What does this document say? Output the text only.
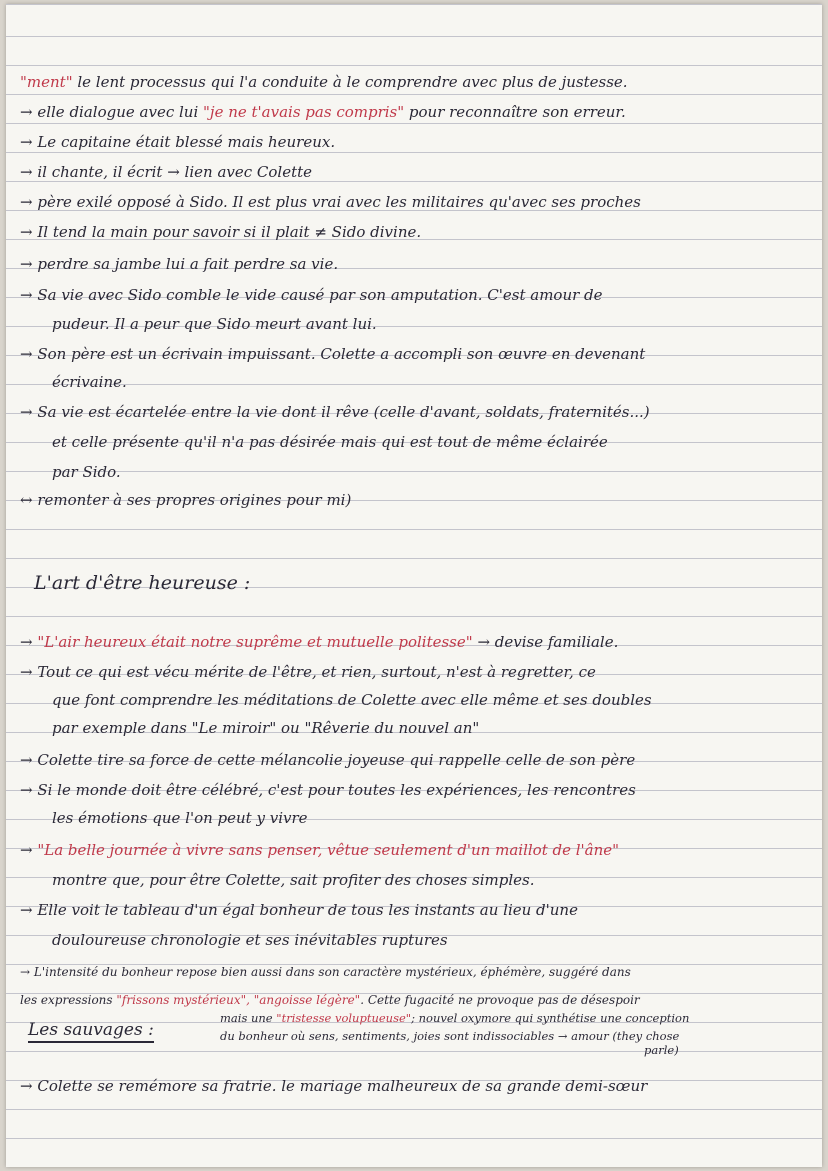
"ment" le lent processus qui l'a conduite à le comprendre avec plus de justesse.
→ elle dialogue avec lui "je ne t'avais pas compris" pour reconnaître son erreur.
→ Le capitaine était blessé mais heureux.
→ il chante, il écrit → lien avec Colette
→ père exilé opposé à Sido. Il est plus vrai avec les militaires qu'avec ses proches
→ Il tend la main pour savoir si il plait ≠ Sido divine.
→ perdre sa jambe lui a fait perdre sa vie.
→ Sa vie avec Sido comble le vide causé par son amputation. C'est amour de
pudeur. Il a peur que Sido meurt avant lui.
→ Son père est un écrivain impuissant. Colette a accompli son œuvre en devenant
écrivaine.
→ Sa vie est écartelée entre la vie dont il rêve (celle d'avant, soldats, fraternités...)
et celle présente qu'il n'a pas désirée mais qui est tout de même éclairée
par Sido.
↔ remonter à ses propres origines pour mi)
L'art d'être heureuse :
→ "L'air heureux était notre suprême et mutuelle politesse" → devise familiale.
→ Tout ce qui est vécu mérite de l'être, et rien, surtout, n'est à regretter, ce
que font comprendre les méditations de Colette avec elle même et ses doubles
par exemple dans "Le miroir" ou "Rêverie du nouvel an"
→ Colette tire sa force de cette mélancolie joyeuse qui rappelle celle de son père
→ Si le monde doit être célébré, c'est pour toutes les expériences, les rencontres
les émotions que l'on peut y vivre
→ "La belle journée à vivre sans penser, vêtue seulement d'un maillot de l'âne"
montre que, pour être Colette, sait profiter des choses simples.
→ Elle voit le tableau d'un égal bonheur de tous les instants au lieu d'une
douloureuse chronologie et ses inévitables ruptures
→ L'intensité du bonheur repose bien aussi dans son caractère mystérieux, éphémère, suggéré dans
les expressions "frissons mystérieux", "angoisse légère". Cette fugacité ne provoque pas de désespoir
Les sauvages :
mais une "tristesse voluptueuse"; nouvel oxymore qui synthétise une conception
du bonheur où sens, sentiments, joies sont indissociables → amour (they chose
parle)
→ Colette se remémore sa fratrie. le mariage malheureux de sa grande demi-sœur
